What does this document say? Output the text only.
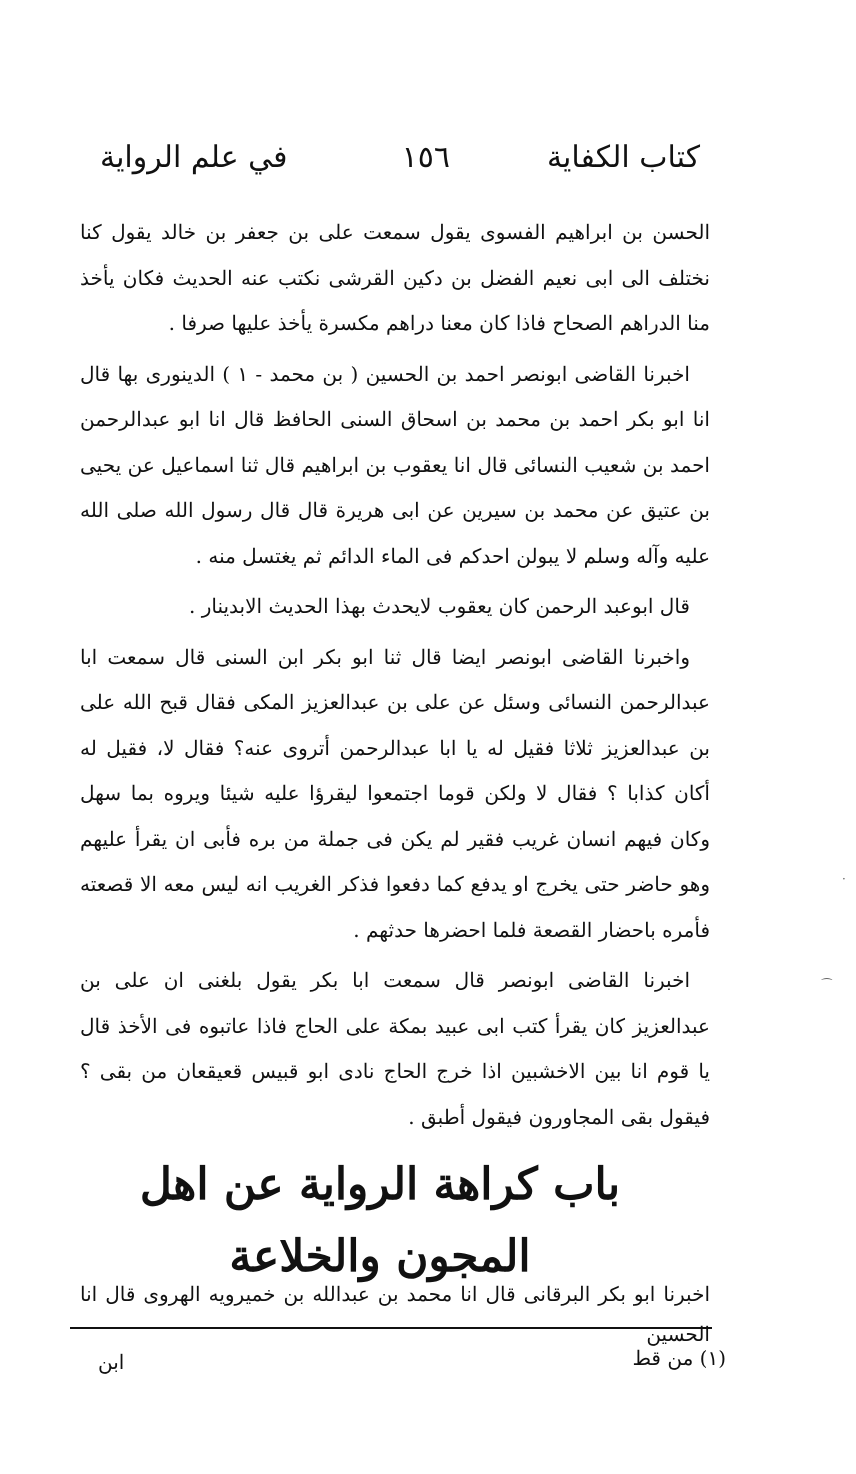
كتاب الكفاية
١٥٦
في علم الرواية

الحسن بن ابراهيم الفسوى يقول سمعت على بن جعفر بن خالد يقول كنا نختلف الى ابى نعيم الفضل بن دكين القرشى نكتب عنه الحديث فكان يأخذ منا الدراهم الصحاح فاذا كان معنا دراهم مكسرة يأخذ عليها صرفا .

اخبرنا القاضى ابونصر احمد بن الحسين ( بن محمد - ١ ) الدينورى بها قال انا ابو بكر احمد بن محمد بن اسحاق السنى الحافظ قال انا ابو عبدالرحمن احمد بن شعيب النسائى قال انا يعقوب بن ابراهيم قال ثنا اسماعيل عن يحيى بن عتيق عن محمد بن سيرين عن ابى هريرة قال قال رسول الله صلى الله عليه وآله وسلم لا يبولن احدكم فى الماء الدائم ثم يغتسل منه .

قال ابوعبد الرحمن كان يعقوب لايحدث بهذا الحديث الابدينار .

واخبرنا القاضى ابونصر ايضا قال ثنا ابو بكر ابن السنى قال سمعت ابا عبدالرحمن النسائى وسئل عن على بن عبدالعزيز المكى فقال قبح الله على بن عبدالعزيز ثلاثا فقيل له يا ابا عبدالرحمن أتروى عنه؟ فقال لا، فقيل له أكان كذابا ؟ فقال لا ولكن قوما اجتمعوا ليقرؤا عليه شيئا ويروه بما سهل وكان فيهم انسان غريب فقير لم يكن فى جملة من بره فأبى ان يقرأ عليهم وهو حاضر حتى يخرج او يدفع كما دفعوا فذكر الغريب انه ليس معه الا قصعته فأمره باحضار القصعة فلما احضرها حدثهم .

اخبرنا القاضى ابونصر قال سمعت ابا بكر يقول بلغنى ان على بن عبدالعزيز كان يقرأ كتب ابى عبيد بمكة على الحاج فاذا عاتبوه فى الأخذ قال يا قوم انا بين الاخشبين اذا خرج الحاج نادى ابو قبيس قعيقعان من بقى ؟ فيقول بقى المجاورون فيقول أطبق .

باب كراهة الرواية عن اهل
المجون والخلاعة
اخبرنا ابو بكر البرقانى قال انا محمد بن عبدالله بن خميرويه الهروى قال انا الحسين
(١) من قط
ابن
⁀
·
